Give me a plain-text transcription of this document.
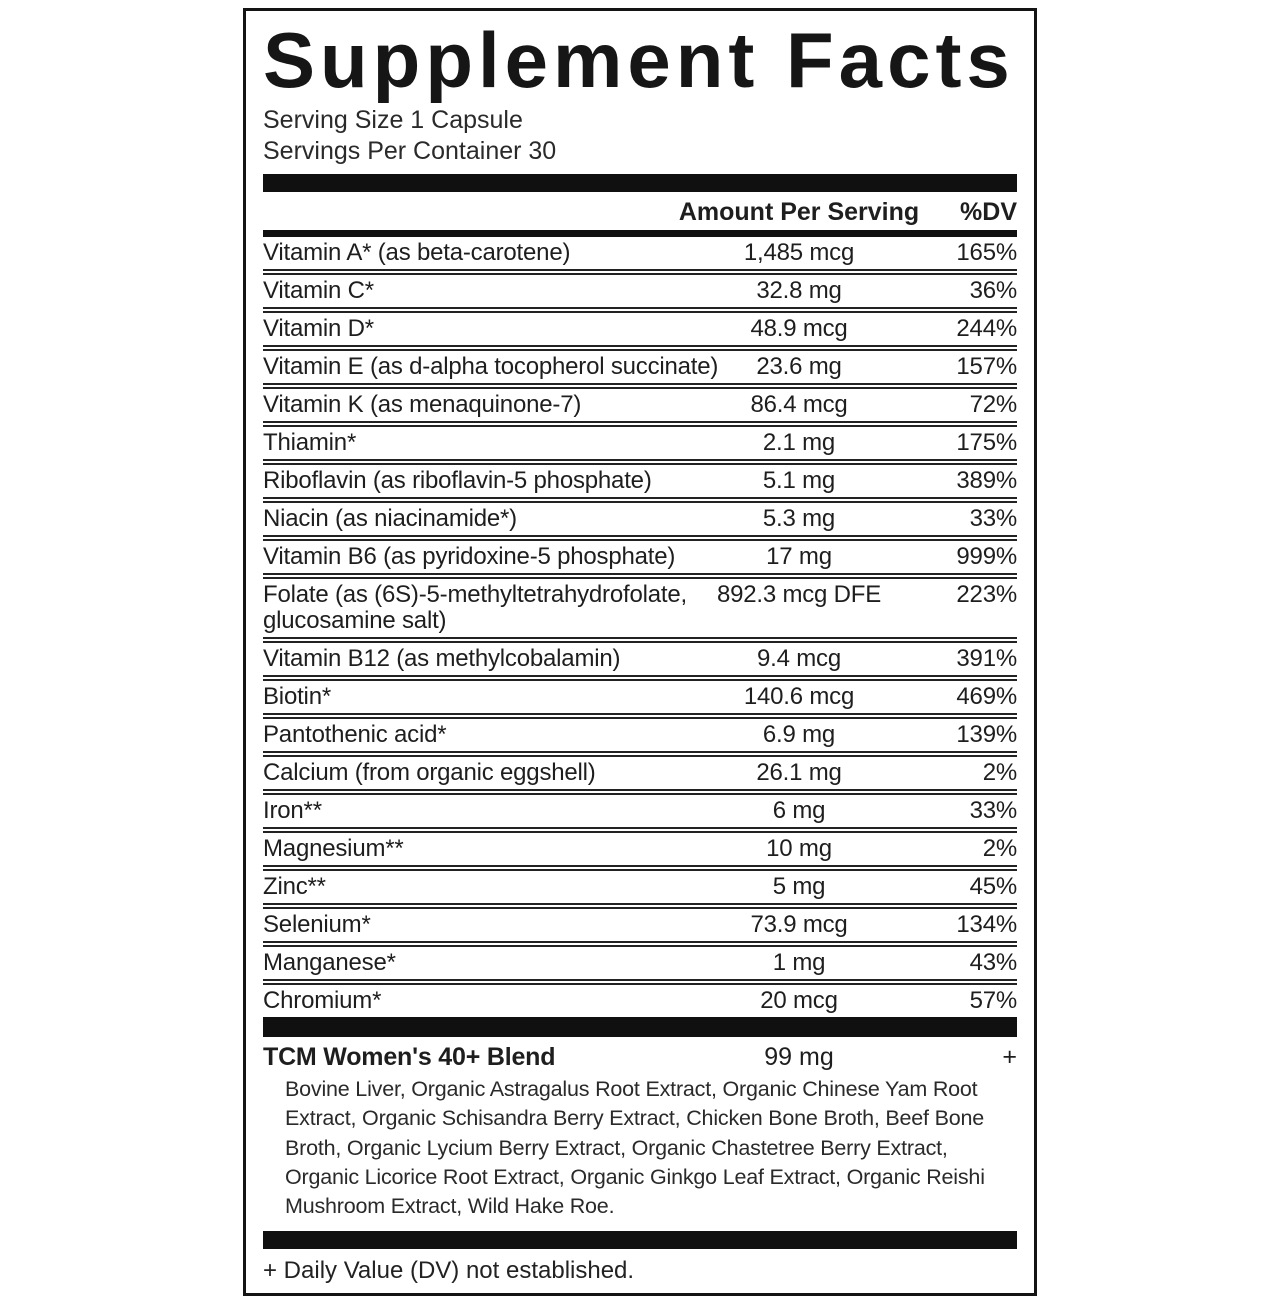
Supplement Facts
Serving Size 1 Capsule
Servings Per Container 30
Amount Per Serving %DV
Vitamin A* (as beta-carotene)	1,485 mcg	165%
Vitamin C*	32.8 mg	36%
Vitamin D*	48.9 mcg	244%
Vitamin E (as d-alpha tocopherol succinate) 23.6 mg	157%
Vitamin K (as menaquinone-7)	86.4 mcg	72%
Thiamin*	2.1 mg	175%
Riboflavin (as riboflavin-5 phosphate)	5.1 mg	389%
Niacin (as niacinamide*)	5.3 mg	33%
Vitamin B6 (as pyridoxine-5 phosphate)	17 mg	999%
Folate (as (6S)-5-methyltetrahydrofolate, glucosamine salt)
892.3 mcg DFE	223%
Vitamin B12 (as methylcobalamin)	9.4 mcg	391%
Biotin*	140.6 mcg	469%
Pantothenic acid*	6.9 mg	139%
Calcium (from organic eggshell)	26.1 mg	2%
Iron**	6 mg	33%
Magnesium**	10 mg	2%
Zinc**	5 mg	45%
Selenium*	73.9 mcg	134%
Manganese*	1 mg	43%
Chromium*	20 mcg	57%
TCM Women's 40+ Blend	99 mg	+
Bovine Liver, Organic Astragalus Root Extract, Organic Chinese Yam Root Extract, Organic Schisandra Berry Extract, Chicken Bone Broth, Beef Bone Broth, Organic Lycium Berry Extract, Organic Chastetree Berry Extract, Organic Licorice Root Extract, Organic Ginkgo Leaf Extract, Organic Reishi Mushroom Extract, Wild Hake Roe.
+ Daily Value (DV) not established.
